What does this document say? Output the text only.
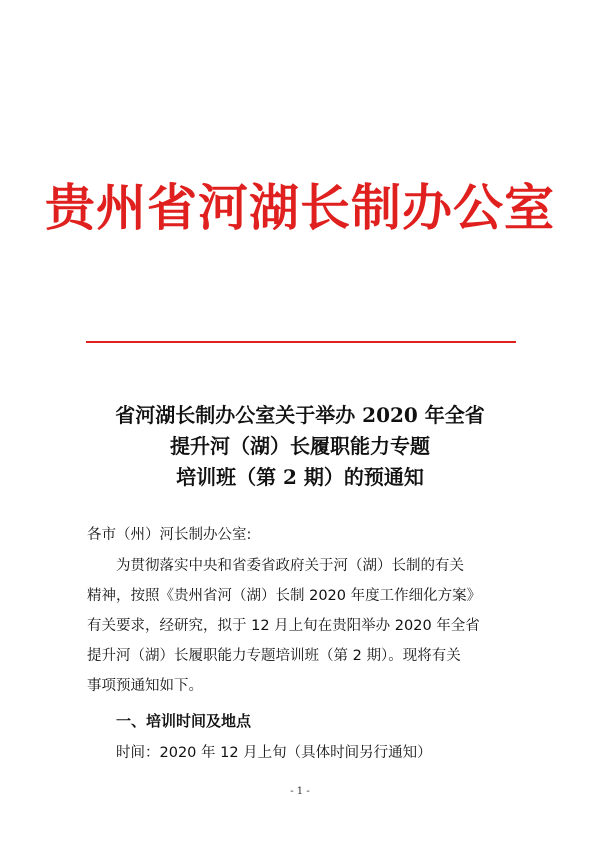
贵州省河湖长制办公室
省河湖长制办公室关于举办 2020 年全省
提升河（湖）长履职能力专题
培训班（第 2 期）的预通知
各市（州）河长制办公室:
为贯彻落实中央和省委省政府关于河（湖）长制的有关
精神，按照《贵州省河（湖）长制 2020 年度工作细化方案》
有关要求，经研究，拟于 12 月上旬在贵阳举办 2020 年全省
提升河（湖）长履职能力专题培训班（第 2 期）。现将有关
事项预通知如下。
一、培训时间及地点
时间：2020 年 12 月上旬（具体时间另行通知）
- 1 -
